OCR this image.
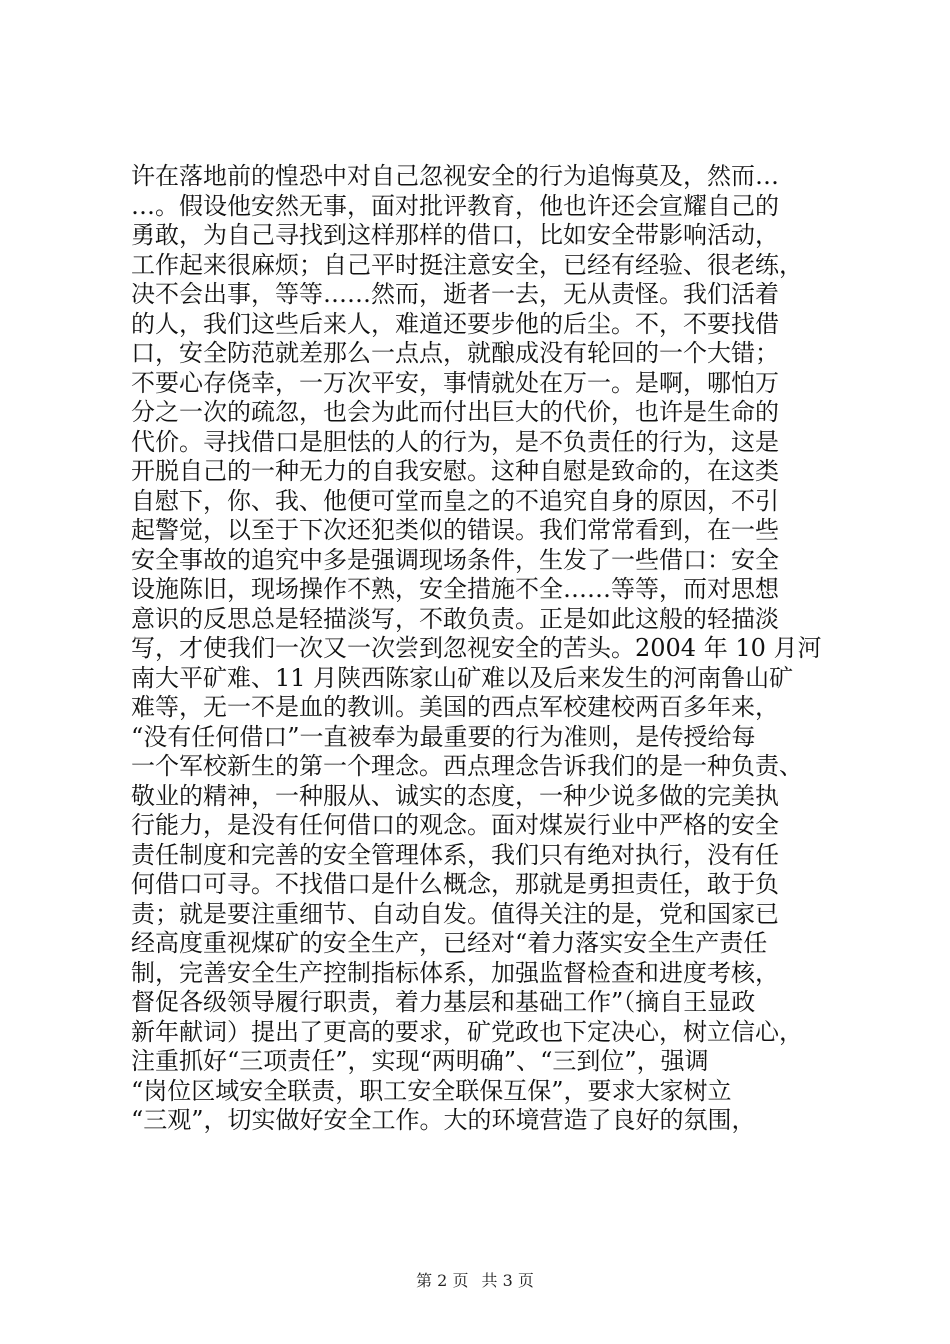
许在落地前的惶恐中对自己忽视安全的行为追悔莫及，然而…
…。假设他安然无事，面对批评教育，他也许还会宣耀自己的
勇敢，为自己寻找到这样那样的借口，比如安全带影响活动，
工作起来很麻烦；自己平时挺注意安全，已经有经验、很老练，
决不会出事，等等……然而，逝者一去，无从责怪。我们活着
的人，我们这些后来人，难道还要步他的后尘。不，不要找借
口，安全防范就差那么一点点，就酿成没有轮回的一个大错；
不要心存侥幸，一万次平安，事情就处在万一。是啊，哪怕万
分之一次的疏忽，也会为此而付出巨大的代价，也许是生命的
代价。寻找借口是胆怯的人的行为，是不负责任的行为，这是
开脱自己的一种无力的自我安慰。这种自慰是致命的，在这类
自慰下，你、我、他便可堂而皇之的不追究自身的原因，不引
起警觉，以至于下次还犯类似的错误。我们常常看到，在一些
安全事故的追究中多是强调现场条件，生发了一些借口：安全
设施陈旧，现场操作不熟，安全措施不全……等等，而对思想
意识的反思总是轻描淡写，不敢负责。正是如此这般的轻描淡
写，才使我们一次又一次尝到忽视安全的苦头。2004 年 10 月河
南大平矿难、11 月陕西陈家山矿难以及后来发生的河南鲁山矿
难等，无一不是血的教训。美国的西点军校建校两百多年来，
“没有任何借口”一直被奉为最重要的行为准则，是传授给每
一个军校新生的第一个理念。西点理念告诉我们的是一种负责、
敬业的精神，一种服从、诚实的态度，一种少说多做的完美执
行能力，是没有任何借口的观念。面对煤炭行业中严格的安全
责任制度和完善的安全管理体系，我们只有绝对执行，没有任
何借口可寻。不找借口是什么概念，那就是勇担责任，敢于负
责；就是要注重细节、自动自发。值得关注的是，党和国家已
经高度重视煤矿的安全生产，已经对“着力落实安全生产责任
制，完善安全生产控制指标体系，加强监督检查和进度考核，
督促各级领导履行职责，着力基层和基础工作”（摘自王显政
新年献词）提出了更高的要求，矿党政也下定决心，树立信心，
注重抓好“三项责任”，实现“两明确”、“三到位”，强调
“岗位区域安全联责，职工安全联保互保”，要求大家树立
“三观”，切实做好安全工作。大的环境营造了良好的氛围，
第 2 页 共 3 页
